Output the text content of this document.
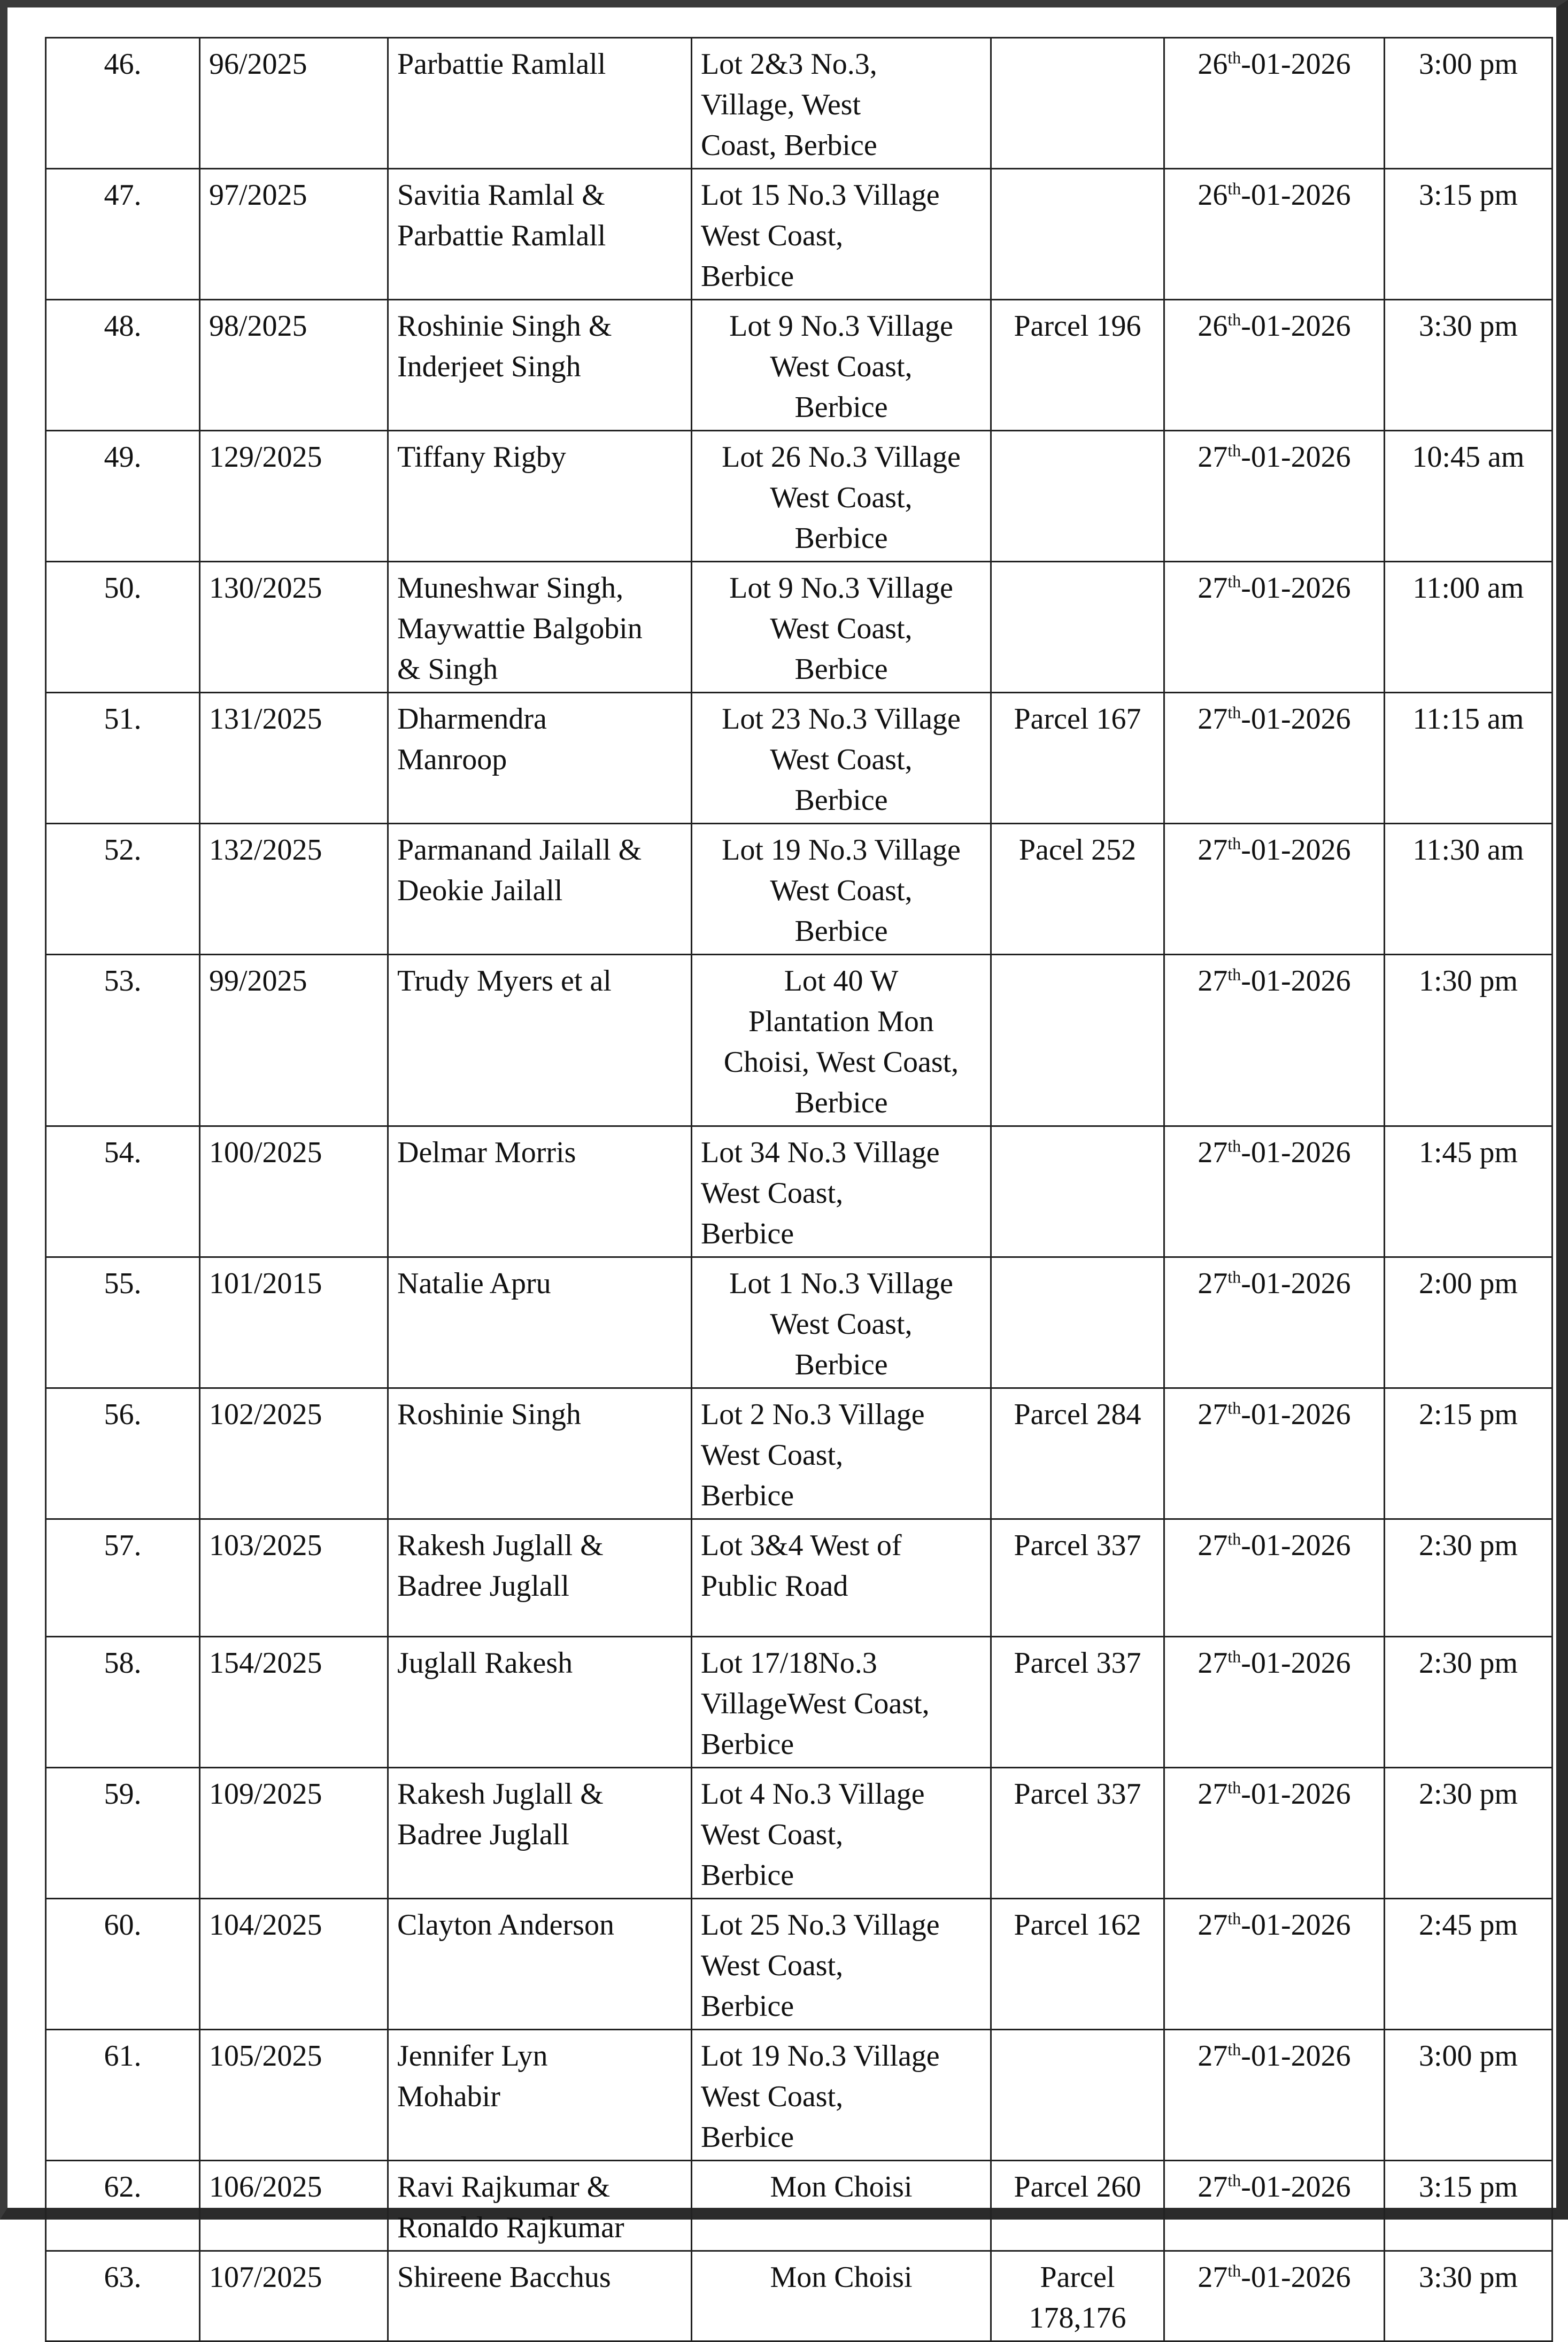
46.	96/2025	Parbattie Ramlall	Lot 2&3 No.3,
Village, West
Coast, Berbice		26th-01-2026	3:00 pm
47.	97/2025	Savitia Ramlal &
Parbattie Ramlall	Lot 15 No.3 Village
West Coast,
Berbice		26th-01-2026	3:15 pm
48.	98/2025	Roshinie Singh &
Inderjeet Singh	Lot 9 No.3 Village
West Coast,
Berbice	Parcel 196	26th-01-2026	3:30 pm
49.	129/2025	Tiffany Rigby	Lot 26 No.3 Village
West Coast,
Berbice		27th-01-2026	10:45 am
50.	130/2025	Muneshwar Singh,
Maywattie Balgobin
& Singh	Lot 9 No.3 Village
West Coast,
Berbice		27th-01-2026	11:00 am
51.	131/2025	Dharmendra
Manroop	Lot 23 No.3 Village
West Coast,
Berbice	Parcel 167	27th-01-2026	11:15 am
52.	132/2025	Parmanand Jailall &
Deokie Jailall	Lot 19 No.3 Village
West Coast,
Berbice	Pacel 252	27th-01-2026	11:30 am
53.	99/2025	Trudy Myers et al	Lot 40 W
Plantation Mon
Choisi, West Coast,
Berbice		27th-01-2026	1:30 pm
54.	100/2025	Delmar Morris	Lot 34 No.3 Village
West Coast,
Berbice		27th-01-2026	1:45 pm
55.	101/2015	Natalie Apru	Lot 1 No.3 Village
West Coast,
Berbice		27th-01-2026	2:00 pm
56.	102/2025	Roshinie Singh	Lot 2 No.3 Village
West Coast,
Berbice	Parcel 284	27th-01-2026	2:15 pm
57.	103/2025	Rakesh Juglall &
Badree Juglall	Lot 3&4 West of
Public Road	Parcel 337	27th-01-2026	2:30 pm
58.	154/2025	Juglall Rakesh	Lot 17/18No.3
VillageWest Coast,
Berbice	Parcel 337	27th-01-2026	2:30 pm
59.	109/2025	Rakesh Juglall &
Badree Juglall	Lot 4 No.3 Village
West Coast,
Berbice	Parcel 337	27th-01-2026	2:30 pm
60.	104/2025	Clayton Anderson	Lot 25 No.3 Village
West Coast,
Berbice	Parcel 162	27th-01-2026	2:45 pm
61.	105/2025	Jennifer Lyn
Mohabir	Lot 19 No.3 Village
West Coast,
Berbice		27th-01-2026	3:00 pm
62.	106/2025	Ravi Rajkumar &
Ronaldo Rajkumar	Mon Choisi	Parcel 260	27th-01-2026	3:15 pm
63.	107/2025	Shireene Bacchus	Mon Choisi	Parcel
178,176	27th-01-2026	3:30 pm
